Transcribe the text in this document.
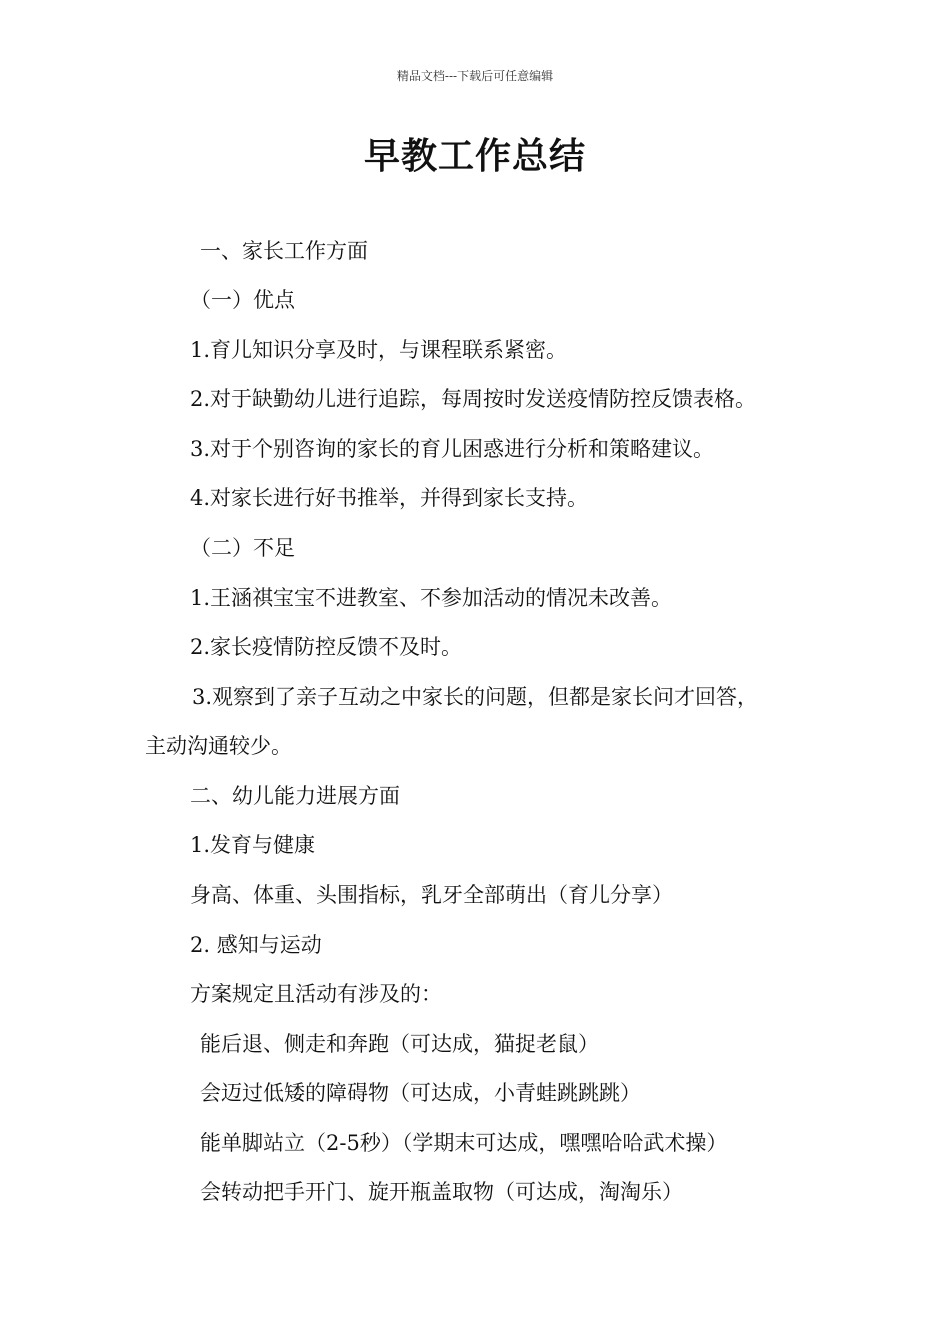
精品文档---下载后可任意编辑
早教工作总结
一、家长工作方面
（一）优点
1.育儿知识分享及时，与课程联系紧密。
2.对于缺勤幼儿进行追踪，每周按时发送疫情防控反馈表格。
3.对于个别咨询的家长的育儿困惑进行分析和策略建议。
4.对家长进行好书推举，并得到家长支持。
（二）不足
1.王涵祺宝宝不进教室、不参加活动的情况未改善。
2.家长疫情防控反馈不及时。
3.观察到了亲子互动之中家长的问题，但都是家长问才回答，
主动沟通较少。
二、幼儿能力进展方面
1.发育与健康
身高、体重、头围指标，乳牙全部萌出（育儿分享）
2. 感知与运动
方案规定且活动有涉及的：
能后退、侧走和奔跑（可达成，猫捉老鼠）
会迈过低矮的障碍物（可达成，小青蛙跳跳跳）
能单脚站立（2-5秒）（学期末可达成，嘿嘿哈哈武术操）
会转动把手开门、旋开瓶盖取物（可达成，淘淘乐）
